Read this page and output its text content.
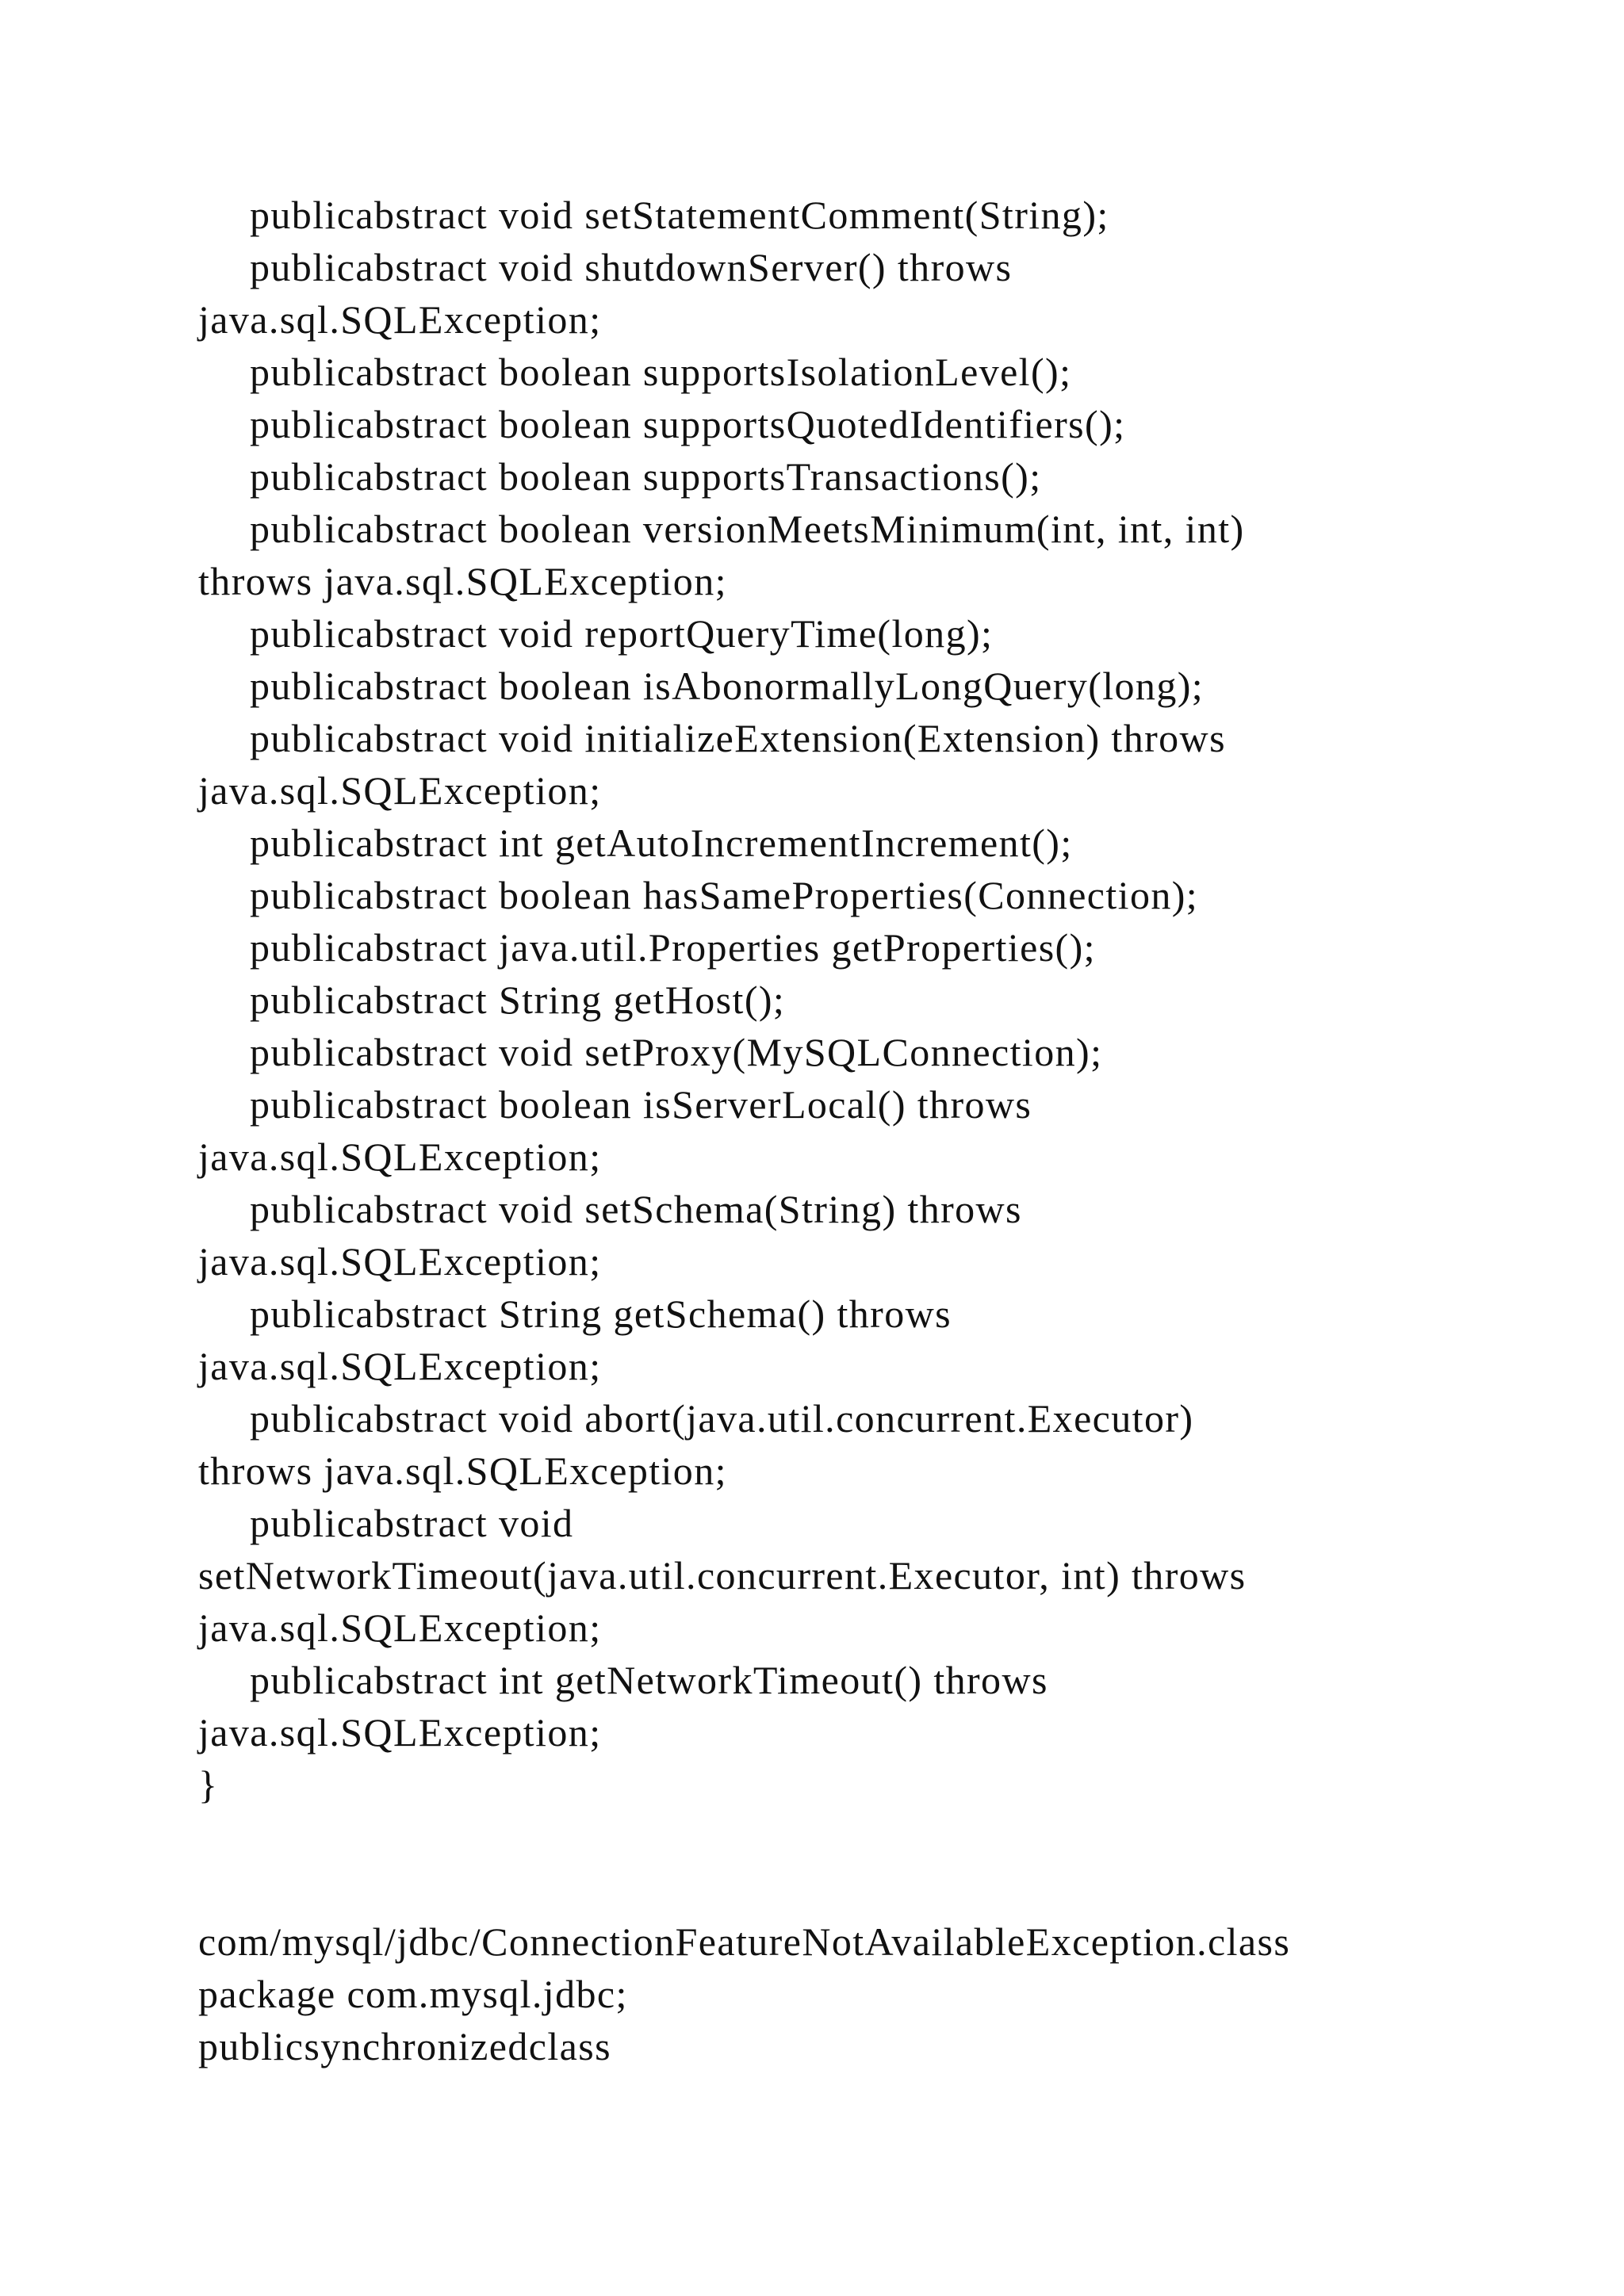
publicabstract void setStatementComment(String);
publicabstract void shutdownServer() throws
java.sql.SQLException;
publicabstract boolean supportsIsolationLevel();
publicabstract boolean supportsQuotedIdentifiers();
publicabstract boolean supportsTransactions();
publicabstract boolean versionMeetsMinimum(int, int, int)
throws java.sql.SQLException;
publicabstract void reportQueryTime(long);
publicabstract boolean isAbonormallyLongQuery(long);
publicabstract void initializeExtension(Extension) throws
java.sql.SQLException;
publicabstract int getAutoIncrementIncrement();
publicabstract boolean hasSameProperties(Connection);
publicabstract java.util.Properties getProperties();
publicabstract String getHost();
publicabstract void setProxy(MySQLConnection);
publicabstract boolean isServerLocal() throws
java.sql.SQLException;
publicabstract void setSchema(String) throws
java.sql.SQLException;
publicabstract String getSchema() throws
java.sql.SQLException;
publicabstract void abort(java.util.concurrent.Executor)
throws java.sql.SQLException;
publicabstract void
setNetworkTimeout(java.util.concurrent.Executor, int) throws
java.sql.SQLException;
publicabstract int getNetworkTimeout() throws
java.sql.SQLException;
}
com/mysql/jdbc/ConnectionFeatureNotAvailableException.class
package com.mysql.jdbc;
publicsynchronizedclass
